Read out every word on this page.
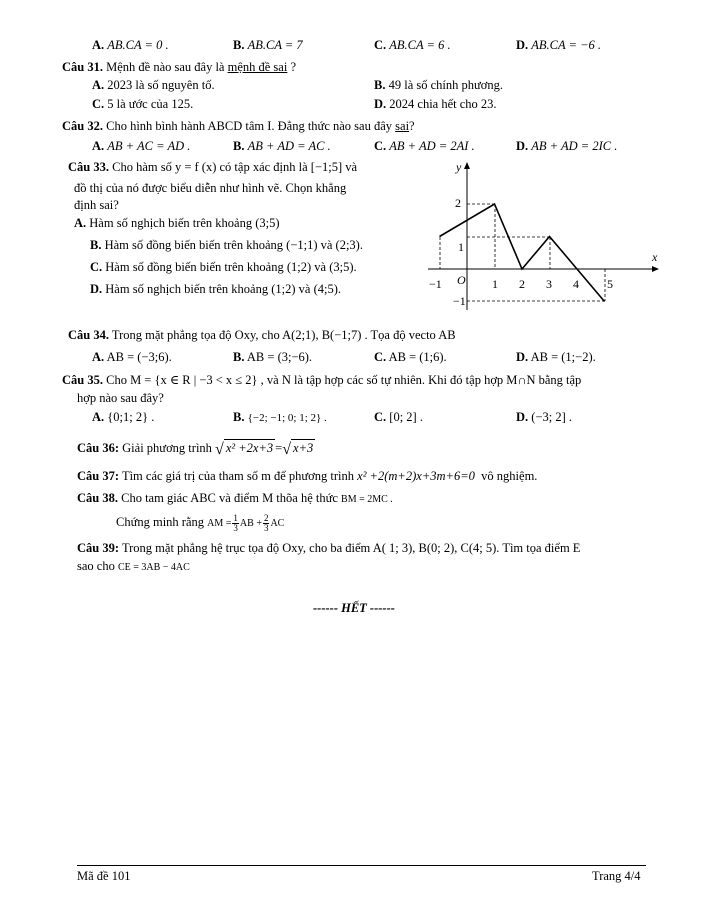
A. AB.CA = 0 .	B. AB.CA = 7	C. AB.CA = 6 .	D. AB.CA = −6 .
Câu 31. Mệnh đề nào sau đây là mệnh đề sai ?
A. 2023 là số nguyên tố.	B. 49 là số chính phương.
C. 5 là ước của 125.	D. 2024 chia hết cho 23.
Câu 32. Cho hình bình hành ABCD tâm I. Đẳng thức nào sau đây sai?
A. AB + AC = AD .	B. AB + AD = AC .	C. AB + AD = 2AI .	D. AB + AD = 2IC .
Câu 33. Cho hàm số y = f (x) có tập xác định là [−1;5] và
đồ thị của nó được biểu diễn như hình vẽ. Chọn khẳng
định sai?
A. Hàm số nghịch biến trên khoảng (3;5)
B. Hàm số đồng biến biến trên khoảng (−1;1) và (2;3).
C. Hàm số đồng biến biến trên khoảng (1;2) và (3;5).
D. Hàm số nghịch biến trên khoảng (1;2) và (4;5).
y
x
O
−1	1 2 3 4 5
2
1
−1
Câu 34. Trong mặt phẳng tọa độ Oxy, cho A(2;1), B(−1;7) . Tọa độ vecto AB
A. AB = (−3;6).	B. AB = (3;−6).	C. AB = (1;6).	D. AB = (1;−2).
Câu 35. Cho M = {x ∈ R | −3 < x ≤ 2} , và N là tập hợp các số tự nhiên. Khi đó tập hợp M∩N bằng tập
hợp nào sau đây?
A. {0;1; 2} .	B. {−2; −1; 0; 1; 2} .	C. [0; 2] .	D. (−3; 2] .
Câu 36: Giải phương trình √ x² +2x+3 =√ x+3
Câu 37: Tìm các giá trị của tham số m để phương trình x² +2(m+2)x+3m+6=0 vô nghiệm.
Câu 38. Cho tam giác ABC và điểm M thõa hệ thức BM = 2MC .
Chứng minh rằng AM = $\frac{1}{3}$ AB + $\frac{2}{3}$ AC
Câu 39: Trong mặt phẳng hệ trục tọa độ Oxy, cho ba điểm A( 1; 3), B(0; 2), C(4; 5). Tìm tọa điểm E
sao cho CE = 3AB − 4AC
------ HẾT ------
Mã đề 101	Trang 4/4
